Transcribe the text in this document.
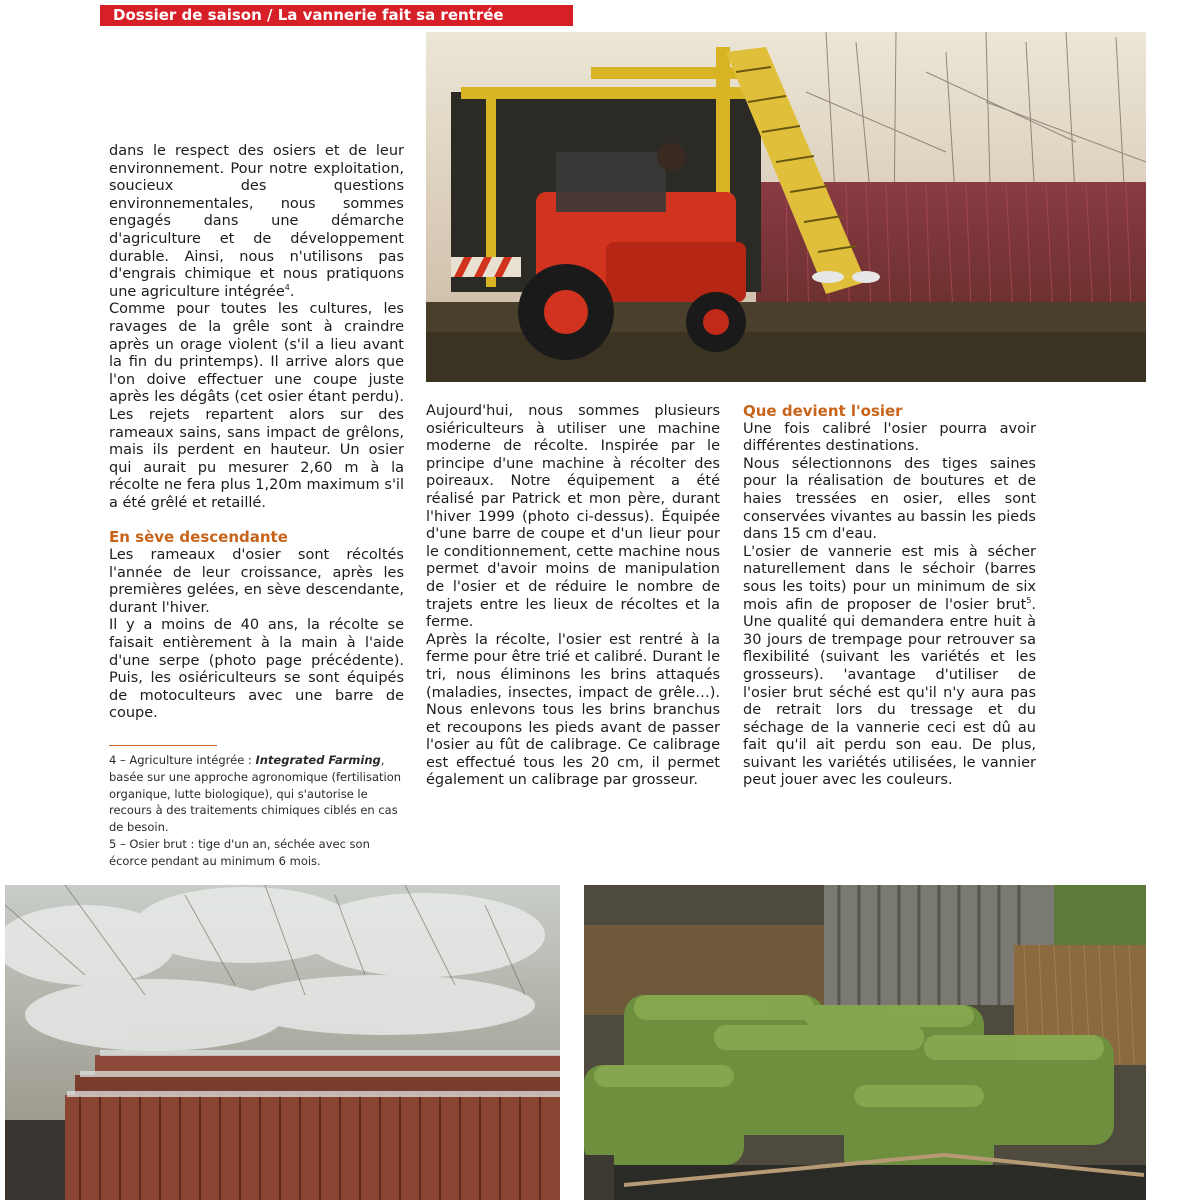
Dossier de saison / La vannerie fait sa rentrée

dans le respect des osiers et de leur environnement. Pour notre exploitation, soucieux des questions environnementales, nous sommes engagés dans une démarche d'agriculture et de développement durable. Ainsi, nous n'utilisons pas d'engrais chimique et nous pratiquons une agriculture intégrée$^4$.

Comme pour toutes les cultures, les ravages de la grêle sont à craindre après un orage violent (s'il a lieu avant la fin du printemps). Il arrive alors que l'on doive effectuer une coupe juste après les dégâts (cet osier étant perdu). Les rejets repartent alors sur des rameaux sains, sans impact de grêlons, mais ils perdent en hauteur. Un osier qui aurait pu mesurer 2,60 m à la récolte ne fera plus 1,20m maximum s'il a été grêlé et retaillé.

En sève descendante

Les rameaux d'osier sont récoltés l'année de leur croissance, après les premières gelées, en sève descendante, durant l'hiver.

Il y a moins de 40 ans, la récolte se faisait entièrement à la main à l'aide d'une serpe (photo page précédente). Puis, les osiériculteurs se sont équipés de motoculteurs avec une barre de coupe.

4 – Agriculture intégrée : Integrated Farming, basée sur une approche agronomique (fertilisation organique, lutte biologique), qui s'autorise le recours à des traitements chimiques ciblés en cas de besoin.

5 – Osier brut : tige d'un an, séchée avec son écorce pendant au minimum 6 mois.

Aujourd'hui, nous sommes plusieurs osiériculteurs à utiliser une machine moderne de récolte. Inspirée par le principe d'une machine à récolter des poireaux. Notre équipement a été réalisé par Patrick et mon père, durant l'hiver 1999 (photo ci-dessus). Équipée d'une barre de coupe et d'un lieur pour le conditionnement, cette machine nous permet d'avoir moins de manipulation de l'osier et de réduire le nombre de trajets entre les lieux de récoltes et la ferme.

Après la récolte, l'osier est rentré à la ferme pour être trié et calibré. Durant le tri, nous éliminons les brins attaqués (maladies, insectes, impact de grêle…). Nous enlevons tous les brins branchus et recoupons les pieds avant de passer l'osier au fût de calibrage. Ce calibrage est effectué tous les 20 cm, il permet également un calibrage par grosseur.

Que devient l'osier

Une fois calibré l'osier pourra avoir différentes destinations.

Nous sélectionnons des tiges saines pour la réalisation de boutures et de haies tressées en osier, elles sont conservées vivantes au bassin les pieds dans 15 cm d'eau.

L'osier de vannerie est mis à sécher naturellement dans le séchoir (barres sous les toits) pour un minimum de six mois afin de proposer de l'osier brut$^5$. Une qualité qui demandera entre huit à 30 jours de trempage pour retrouver sa flexibilité (suivant les variétés et les grosseurs). 'avantage d'utiliser de l'osier brut séché est qu'il n'y aura pas de retrait lors du tressage et du séchage de la vannerie ceci est dû au fait qu'il ait perdu son eau. De plus, suivant les variétés utilisées, le vannier peut jouer avec les couleurs.
